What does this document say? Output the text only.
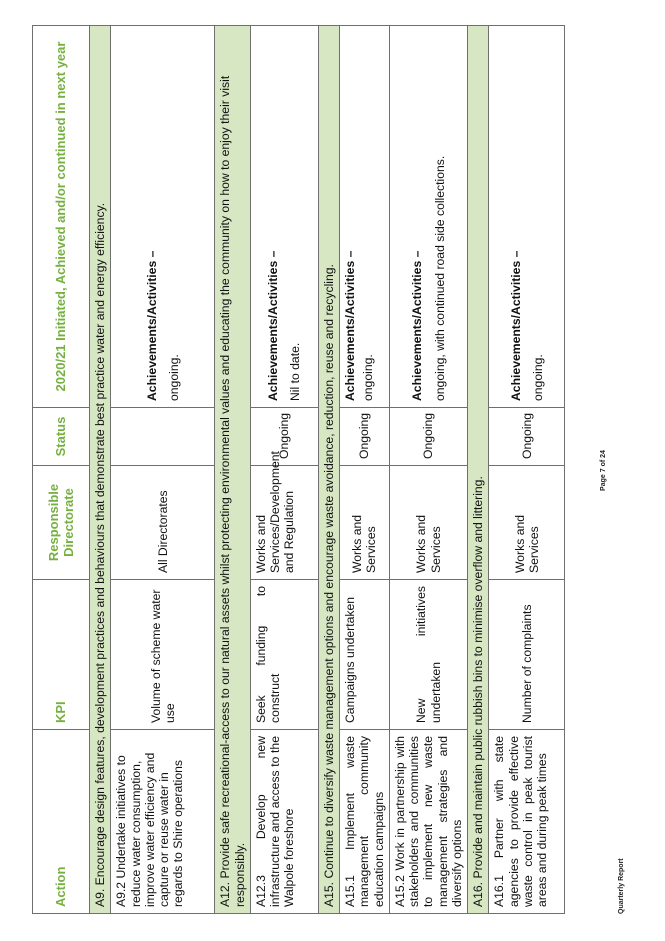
Action	KPI	Responsible Directorate	Status	2020/21 Initiated, Achieved and/or continued in next year
A9. Encourage design features, development practices and behaviours that demonstrate best practice water and energy efficiency.				
A9.2 Undertake initiatives to reduce water consumption, improve water efficiency and capture or reuse water in regards to Shire operations	Volume of scheme water use	All Directorates		Achievements/Activities – ongoing.

A12. Provide safe recreational-access to our natural assets whilst protecting environmental values and educating the community on how to enjoy their visit responsibly.				
A12.3 Develop new infrastructure and access to the Walpole foreshore	Seek funding to construct	Works and Services/Development and Regulation	Ongoing	Achievements/Activities – Nil to date.

A15. Continue to diversify waste management options and encourage waste avoidance, reduction, reuse and recycling.				
A15.1 Implement waste management community education campaigns	Campaigns undertaken	Works and Services	Ongoing	Achievements/Activities – ongoing.

A15.2 Work in partnership with stakeholders and communities to implement new waste management strategies and diversify options	New initiatives undertaken	Works and Services	Ongoing	Achievements/Activities – ongoing, with continued road side collections.

A16. Provide and maintain public rubbish bins to minimise overflow and littering.				
A16.1 Partner with state agencies to provide effective waste control in peak tourist areas and during peak times	Number of complaints	Works and Services	Ongoing	Achievements/Activities – ongoing.
Page 7 of 24
Quarterly Report
